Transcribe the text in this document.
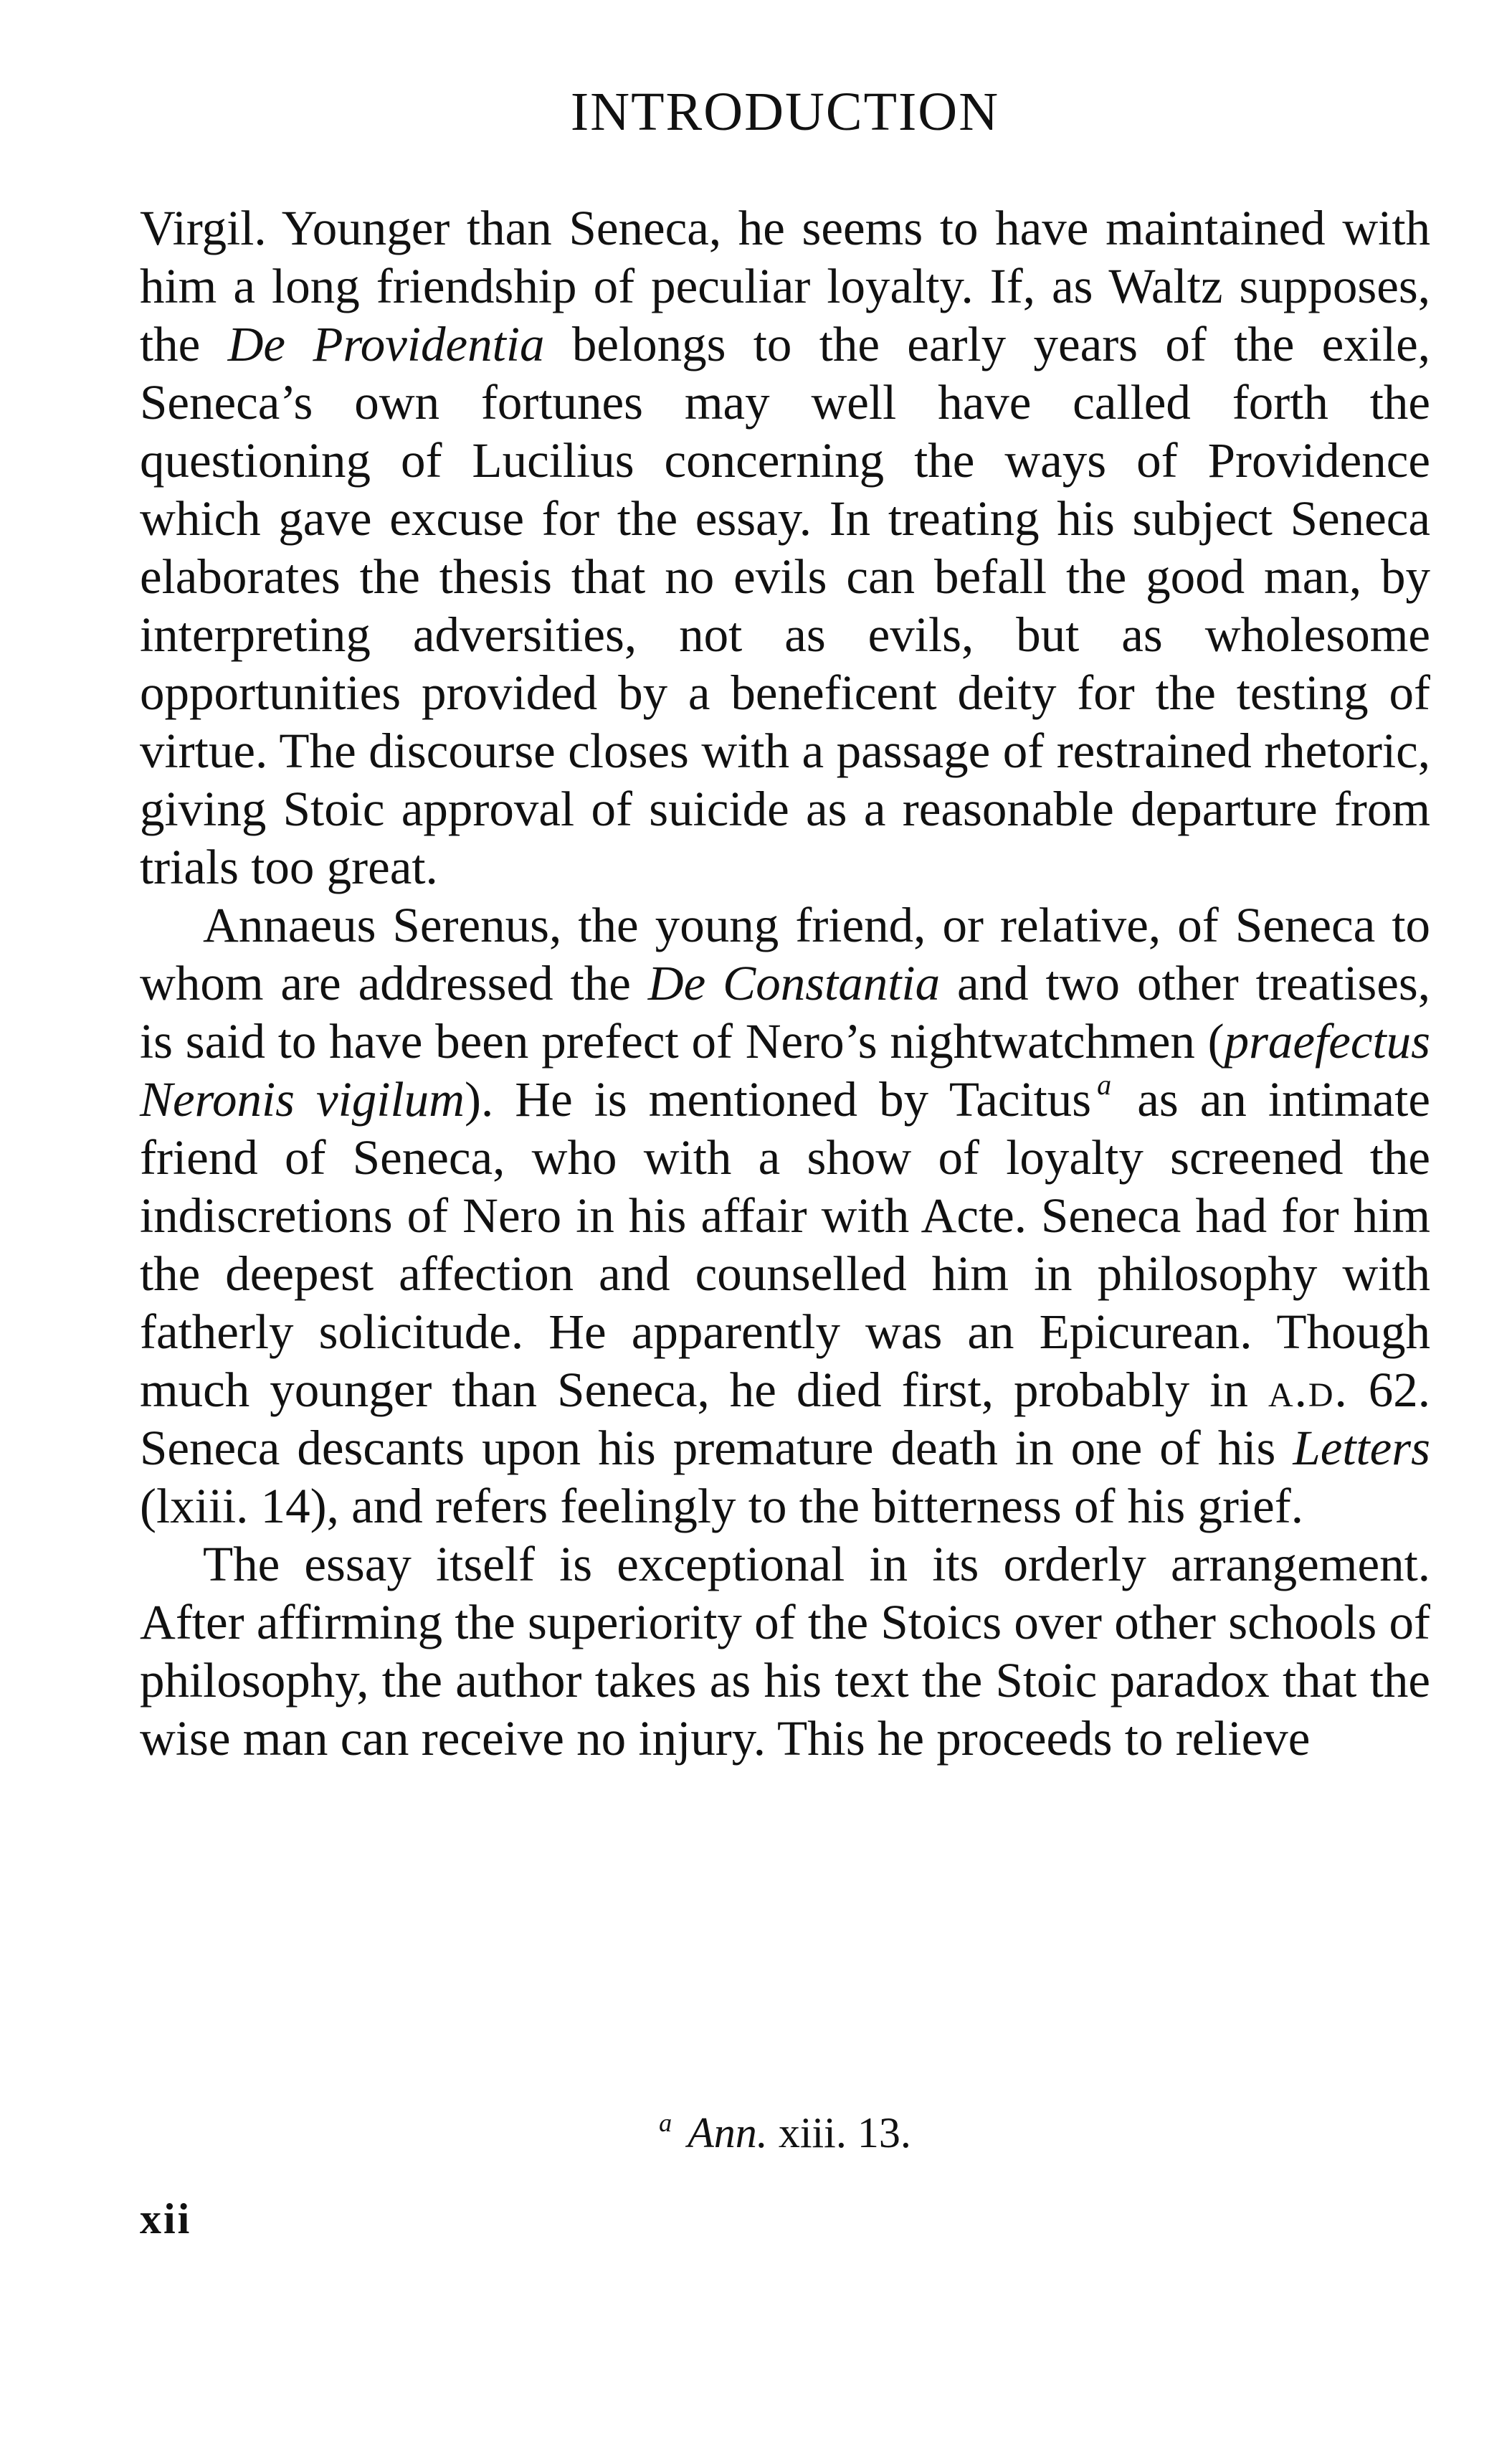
INTRODUCTION

Virgil. Younger than Seneca, he seems to have maintained with him a long friendship of peculiar loyalty. If, as Waltz supposes, the De Providentia belongs to the early years of the exile, Seneca’s own fortunes may well have called forth the questioning of Lucilius concerning the ways of Providence which gave excuse for the essay. In treating his subject Seneca elaborates the thesis that no evils can befall the good man, by interpreting adversities, not as evils, but as wholesome opportunities provided by a beneficent deity for the testing of virtue. The discourse closes with a passage of restrained rhetoric, giving Stoic approval of suicide as a reasonable departure from trials too great.

Annaeus Serenus, the young friend, or relative, of Seneca to whom are addressed the De Constantia and two other treatises, is said to have been prefect of Nero’s nightwatchmen (praefectus Neronis vigilum). He is mentioned by Tacitus $^a$ as an intimate friend of Seneca, who with a show of loyalty screened the indiscretions of Nero in his affair with Acte. Seneca had for him the deepest affection and counselled him in philosophy with fatherly solicitude. He apparently was an Epicurean. Though much younger than Seneca, he died first, probably in a.d. 62. Seneca descants upon his premature death in one of his Letters (lxiii. 14), and refers feelingly to the bitterness of his grief.

The essay itself is exceptional in its orderly arrangement. After affirming the superiority of the Stoics over other schools of philosophy, the author takes as his text the Stoic paradox that the wise man can receive no injury. This he proceeds to relieve

$^a$ Ann. xiii. 13.
xii
